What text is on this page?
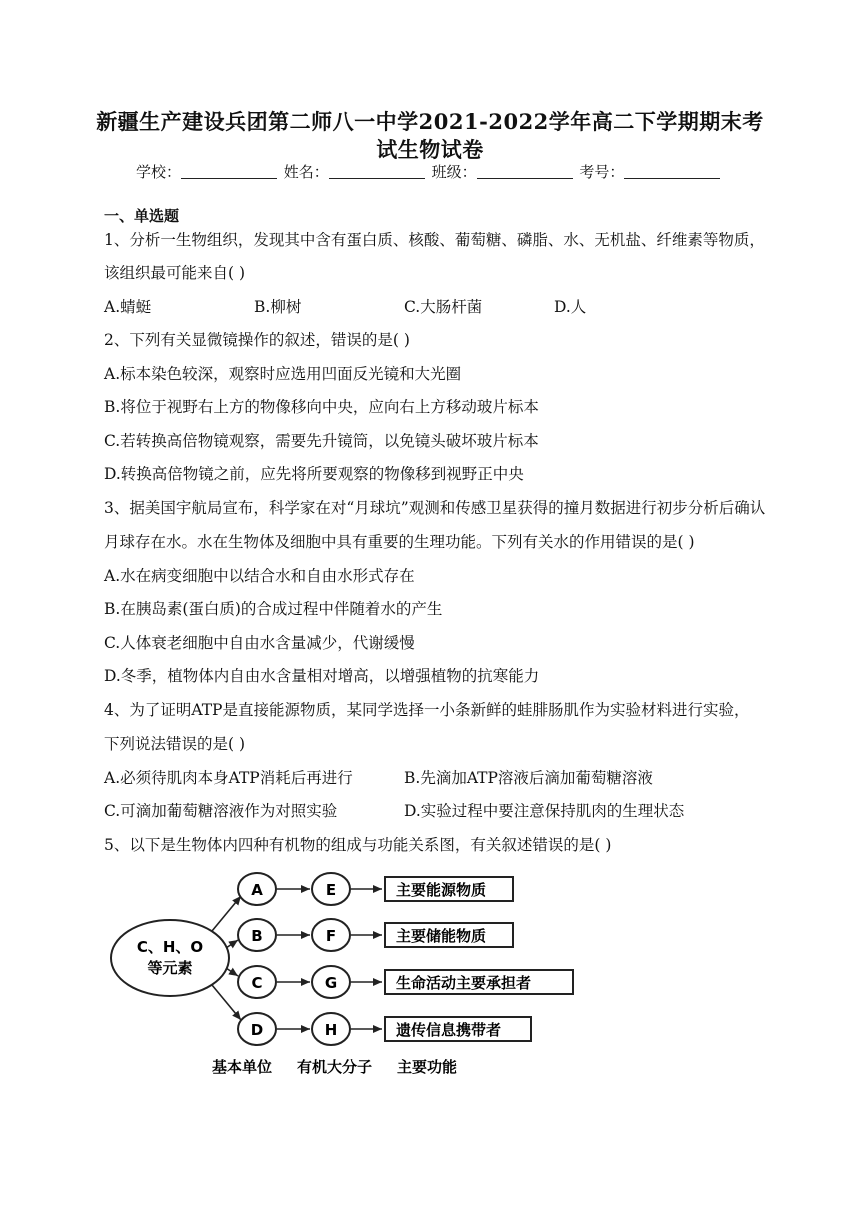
新疆生产建设兵团第二师八一中学2021-2022学年高二下学期期末考
试生物试卷
学校：	姓名：	班级：	考号：
一、单选题
1、分析一生物组织，发现其中含有蛋白质、核酸、葡萄糖、磷脂、水、无机盐、纤维素等物质，
该组织最可能来自( )
A.蜻蜓	B.柳树	C.大肠杆菌	D.人
2、下列有关显微镜操作的叙述，错误的是( )
A.标本染色较深，观察时应选用凹面反光镜和大光圈
B.将位于视野右上方的物像移向中央，应向右上方移动玻片标本
C.若转换高倍物镜观察，需要先升镜筒，以免镜头破坏玻片标本
D.转换高倍物镜之前，应先将所要观察的物像移到视野正中央
3、据美国宇航局宣布，科学家在对“月球坑”观测和传感卫星获得的撞月数据进行初步分析后确认
月球存在水。水在生物体及细胞中具有重要的生理功能。下列有关水的作用错误的是( )
A.水在病变细胞中以结合水和自由水形式存在
B.在胰岛素(蛋白质)的合成过程中伴随着水的产生
C.人体衰老细胞中自由水含量减少，代谢缓慢
D.冬季，植物体内自由水含量相对增高，以增强植物的抗寒能力
4、为了证明ATP是直接能源物质，某同学选择一小条新鲜的蛙腓肠肌作为实验材料进行实验，
下列说法错误的是( )
A.必须待肌肉本身ATP消耗后再进行	B.先滴加ATP溶液后滴加葡萄糖溶液
C.可滴加葡萄糖溶液作为对照实验	D.实验过程中要注意保持肌肉的生理状态
5、以下是生物体内四种有机物的组成与功能关系图，有关叙述错误的是( )
C、H、O
等元素
A	E	主要能源物质
B	F	主要储能物质
C	G	生命活动主要承担者
D	H	遗传信息携带者
基本单位 有机大分子 主要功能
